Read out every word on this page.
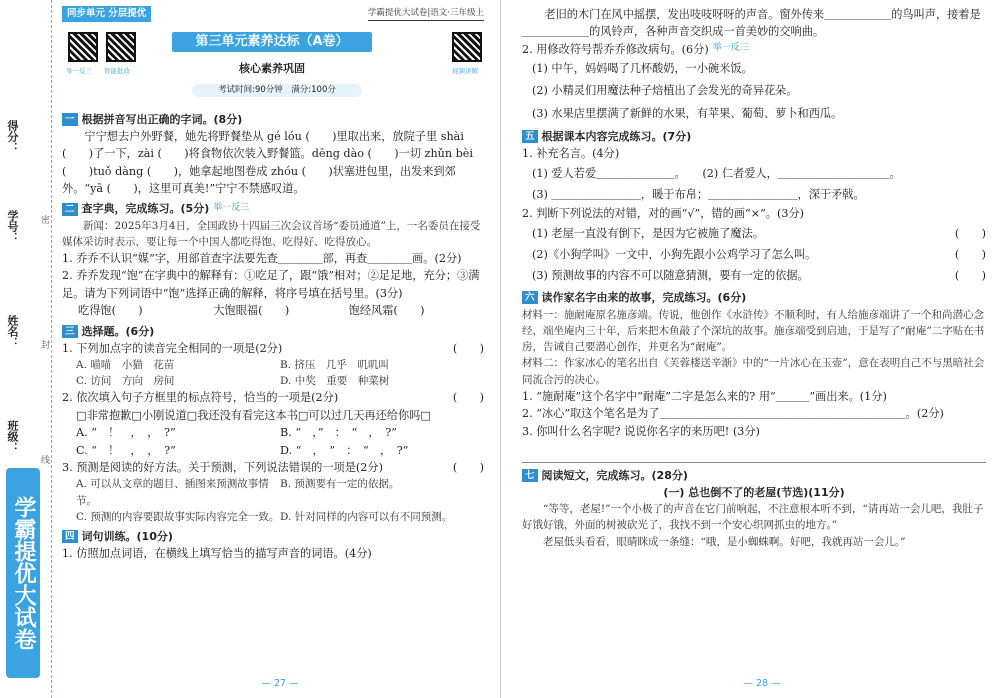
得分：
学号：
姓名：
班级：
密
封
线
学霸提优大试卷
同步单元 分层提优	学霸提优大试卷|语文·三年级上
举一反三 智能批改
第三单元素养达标（A卷）
核心素养巩固
考试时间:90分钟　满分:100分
视频讲解
一 根据拼音写出正确的字词。(8分)
宁宁想去户外野餐，她先将野餐垫从 gé lóu (　　)里取出来，放院子里 shài (　　)了一下，zài (　　)将食物依次装入野餐篮。dēng dào (　　)一切 zhǔn bèi (　　)tuǒ dàng (　　)，她拿起地图卷成 zhóu (　　)状塞进包里，出发来到郊外。“yā (　　)，这里可真美!”宁宁不禁感叹道。
二 查字典，完成练习。(5分) 举一反三
新闻：2025年3月4日，全国政协十四届三次会议首场“委员通道”上，一名委员在接受媒体采访时表示，要让每一个中国人都吃得饱、吃得好、吃得放心。
1. 乔乔不认识“媒”字，用部首查字法要先查＿＿＿＿部，再查＿＿＿＿画。(2分)
2. 乔乔发现“饱”在字典中的解释有：①吃足了，跟“饿”相对；②足足地，充分；③满足。请为下列词语中“饱”选择正确的解释，将序号填在括号里。(3分)
吃得饱(　　)	大饱眼福(　　)	饱经风霜(　　)
三 选择题。(6分)
1. 下列加点字的读音完全相同的一项是(2分)	(　　)
A. 喵喵　小猫　花苗	B. 挤压　几乎　叽叽叫
C. 访问　方向　房间	D. 中奖　重要　种菜树
2. 依次填入句子方框里的标点符号，恰当的一项是(2分)	(　　)
□非常抱歉□小刚说道□我还没有看完这本书□可以过几天再还给你吗□
A. “　！　，　，　?”	B. “　，”　：　“　，　?”
C. “　！　，　，　?”	D. “　，　”　：　“　，　?”
3. 预测是阅读的好方法。关于预测，下列说法错误的一项是(2分)	(　　)
A. 可以从文章的题目、插图来预测故事情节。
B. 预测要有一定的依据。
C. 预测的内容要跟故事实际内容完全一致。 D. 针对同样的内容可以有不同预测。
四 词句训练。(10分)
1. 仿照加点词语，在横线上填写恰当的描写声音的词语。(4分)
— 27 —
老旧的木门在风中摇摆，发出吱吱呀呀的声音。窗外传来＿＿＿＿＿＿的鸟叫声，接着是＿＿＿＿＿＿的风铃声，各种声音交织成一首美妙的交响曲。
2. 用修改符号帮乔乔修改病句。(6分) 举一反三
(1) 中午，妈妈喝了几杯酸奶，一小碗米饭。
(2) 小精灵们用魔法种子焙植出了会发光的奇异花朵。
(3) 水果店里摆满了新鲜的水果，有苹果、葡萄、萝卜和西瓜。
五 根据课本内容完成练习。(7分)
1. 补充名言。(4分)
(1) 爱人若爱＿＿＿＿＿＿＿。　　(2) 仁者爱人，＿＿＿＿＿＿＿＿＿＿。
(3) ＿＿＿＿＿＿＿＿，暖于布帛；＿＿＿＿＿＿＿＿，深于矛戟。
2. 判断下列说法的对错，对的画“√”，错的画“×”。(3分)
(1) 老屋一直没有倒下，是因为它被施了魔法。	(　　)
(2)《小狗学叫》一文中，小狗先跟小公鸡学习了怎么叫。	(　　)
(3) 预测故事的内容不可以随意猜测，要有一定的依据。	(　　)
六 读作家名字由来的故事，完成练习。(6分)
材料一：施耐庵原名施彦端。传说，他创作《水浒传》不顺利时，有人给施彦端讲了一个和尚潜心念经，端坐庵内三十年，后来把木鱼敲了个深坑的故事。施彦端受到启迪，于是写了“耐庵”二字贴在书房，告诫自己要潜心创作，并更名为“耐庵”。
材料二：作家冰心的笔名出自《芙蓉楼送辛渐》中的“一片冰心在玉壶”，意在表明自己不与黑暗社会同流合污的决心。
1. “施耐庵”这个名字中“耐庵”二字是怎么来的? 用“＿＿＿”画出来。(1分)
2. “冰心”取这个笔名是为了＿＿＿＿＿＿＿＿＿＿＿＿＿＿＿＿＿＿＿＿＿＿。(2分)
3. 你叫什么名字呢? 说说你名字的来历吧! (3分)
七 阅读短文，完成练习。(28分)
(一) 总也倒不了的老屋(节选)(11分)
“等等，老屋!”一个小极了的声音在它门前响起，不注意根本听不到，“请再站一会儿吧，我肚子好饿好饿，外面的树被砍光了，我找不到一个安心织网抓虫的地方。”
老屋低头看看，眼睛眯成一条缝：“哦，是小蜘蛛啊。好吧，我就再站一会儿。”
— 28 —
